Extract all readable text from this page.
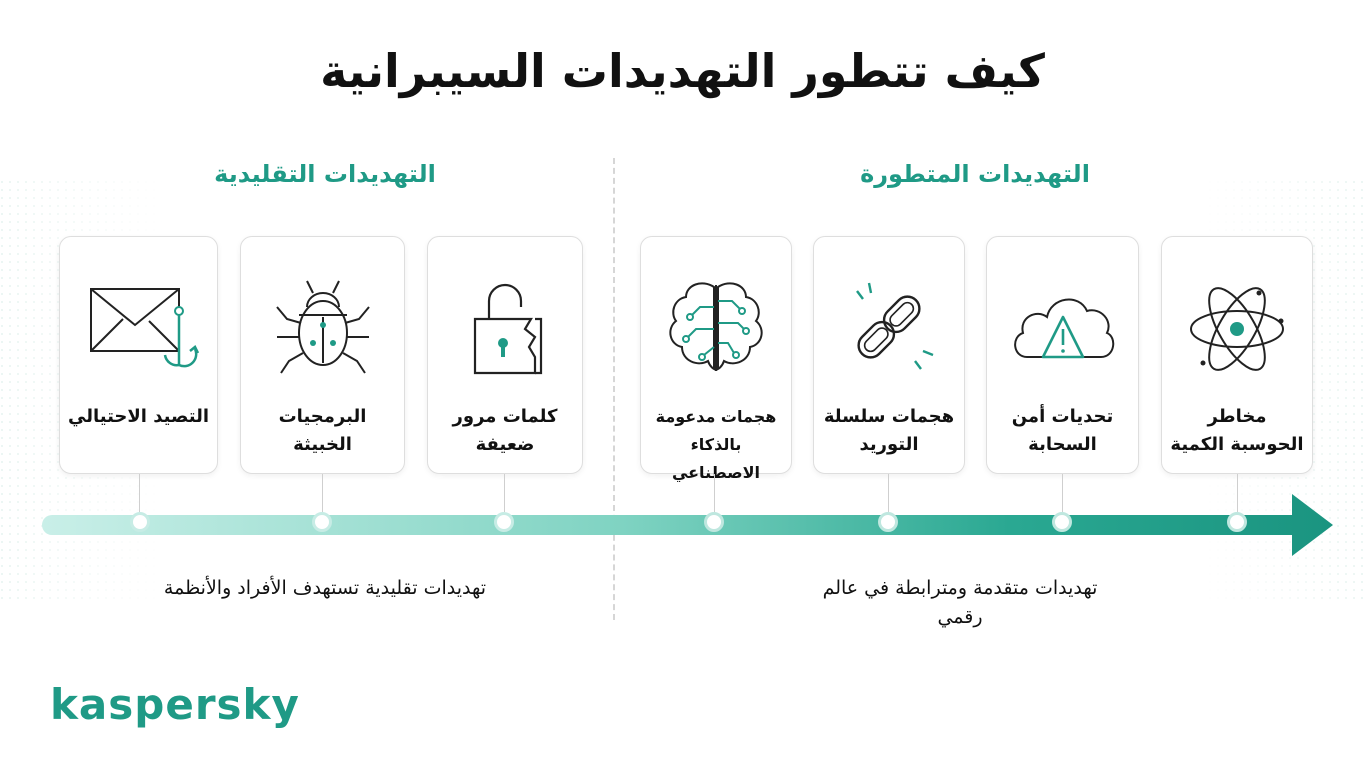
كيف تتطور التهديدات السيبرانية
التهديدات المتطورة
التهديدات التقليدية
التصيد الاحتيالي	البرمجيات الخبيثة
كلمات مرور ضعيفة
هجمات مدعومة بالذكاء الاصطناعي
هجمات سلسلة التوريد
تحديات أمن السحابة
مخاطر الحوسبة الكمية

تهديدات متقدمة ومترابطة في عالم رقمي

تهديدات تقليدية تستهدف الأفراد والأنظمة

kaspersky
